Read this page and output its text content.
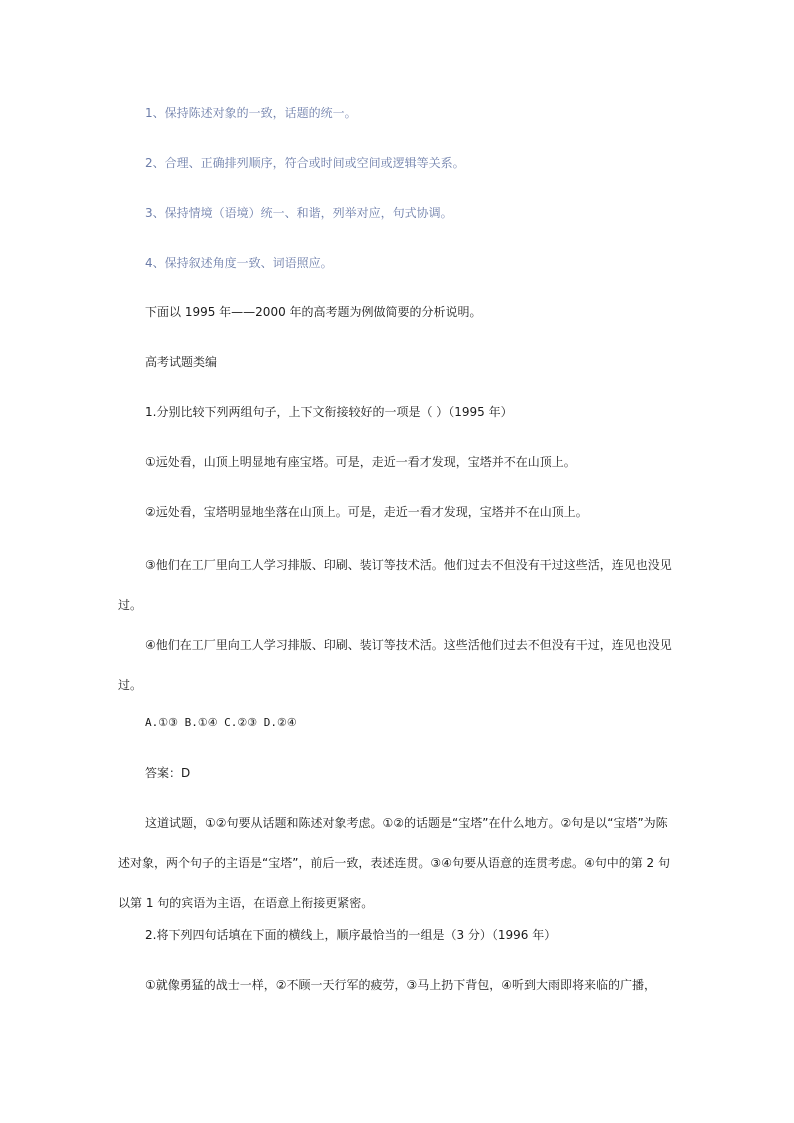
1、保持陈述对象的一致，话题的统一。
2、合理、正确排列顺序，符合或时间或空间或逻辑等关系。
3、保持情境（语境）统一、和谐，列举对应，句式协调。
4、保持叙述角度一致、词语照应。
下面以 1995 年——2000 年的高考题为例做简要的分析说明。
高考试题类编
1.分别比较下列两组句子，上下文衔接较好的一项是（ ）（1995 年）
①远处看，山顶上明显地有座宝塔。可是，走近一看才发现，宝塔并不在山顶上。
②远处看，宝塔明显地坐落在山顶上。可是，走近一看才发现，宝塔并不在山顶上。
③他们在工厂里向工人学习排版、印刷、装订等技术活。他们过去不但没有干过这些活，连见也没见过。
④他们在工厂里向工人学习排版、印刷、装订等技术活。这些活他们过去不但没有干过，连见也没见过。
A.①③ B.①④ C.②③ D.②④
答案：D
这道试题，①②句要从话题和陈述对象考虑。①②的话题是“宝塔”在什么地方。②句是以“宝塔”为陈述对象，两个句子的主语是“宝塔”，前后一致，表述连贯。③④句要从语意的连贯考虑。④句中的第 2 句以第 1 句的宾语为主语，在语意上衔接更紧密。
2.将下列四句话填在下面的横线上，顺序最恰当的一组是（3 分）（1996 年）
①就像勇猛的战士一样，②不顾一天行军的疲劳，③马上扔下背包，④听到大雨即将来临的广播，
